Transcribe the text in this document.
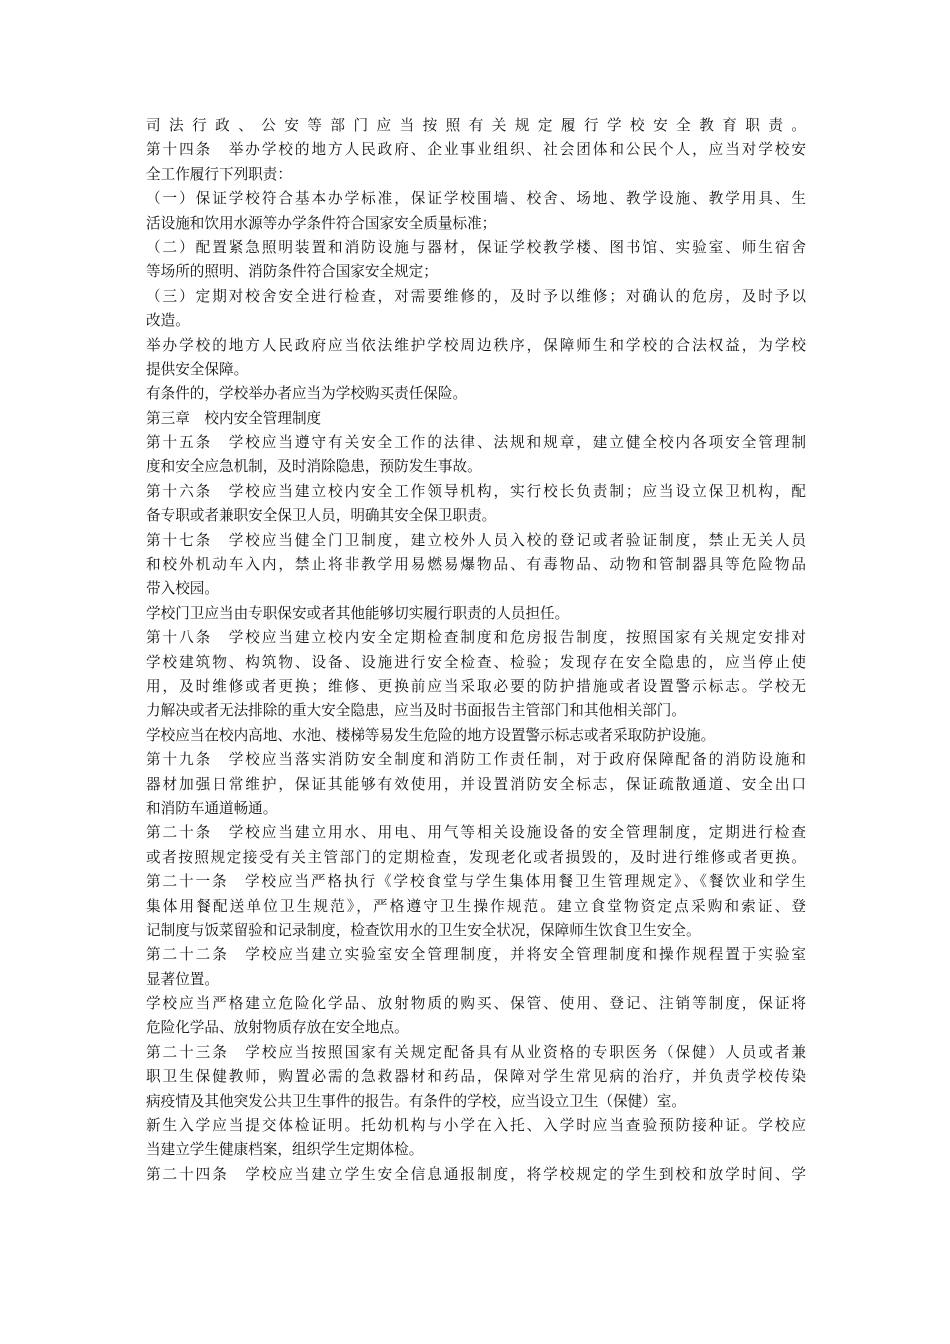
司法行政、公安等部门应当按照有关规定履行学校安全教育职责。
第十四条　举办学校的地方人民政府、企业事业组织、社会团体和公民个人，应当对学校安
全工作履行下列职责：
（一）保证学校符合基本办学标准，保证学校围墙、校舍、场地、教学设施、教学用具、生
活设施和饮用水源等办学条件符合国家安全质量标准；
（二）配置紧急照明装置和消防设施与器材，保证学校教学楼、图书馆、实验室、师生宿舍
等场所的照明、消防条件符合国家安全规定；
（三）定期对校舍安全进行检查，对需要维修的，及时予以维修；对确认的危房，及时予以
改造。
举办学校的地方人民政府应当依法维护学校周边秩序，保障师生和学校的合法权益，为学校
提供安全保障。
有条件的，学校举办者应当为学校购买责任保险。
第三章　校内安全管理制度
第十五条　学校应当遵守有关安全工作的法律、法规和规章，建立健全校内各项安全管理制
度和安全应急机制，及时消除隐患，预防发生事故。
第十六条　学校应当建立校内安全工作领导机构，实行校长负责制；应当设立保卫机构，配
备专职或者兼职安全保卫人员，明确其安全保卫职责。
第十七条　学校应当健全门卫制度，建立校外人员入校的登记或者验证制度，禁止无关人员
和校外机动车入内，禁止将非教学用易燃易爆物品、有毒物品、动物和管制器具等危险物品
带入校园。
学校门卫应当由专职保安或者其他能够切实履行职责的人员担任。
第十八条　学校应当建立校内安全定期检查制度和危房报告制度，按照国家有关规定安排对
学校建筑物、构筑物、设备、设施进行安全检查、检验；发现存在安全隐患的，应当停止使
用，及时维修或者更换；维修、更换前应当采取必要的防护措施或者设置警示标志。学校无
力解决或者无法排除的重大安全隐患，应当及时书面报告主管部门和其他相关部门。
学校应当在校内高地、水池、楼梯等易发生危险的地方设置警示标志或者采取防护设施。
第十九条　学校应当落实消防安全制度和消防工作责任制，对于政府保障配备的消防设施和
器材加强日常维护，保证其能够有效使用，并设置消防安全标志，保证疏散通道、安全出口
和消防车通道畅通。
第二十条　学校应当建立用水、用电、用气等相关设施设备的安全管理制度，定期进行检查
或者按照规定接受有关主管部门的定期检查，发现老化或者损毁的，及时进行维修或者更换。
第二十一条　学校应当严格执行《学校食堂与学生集体用餐卫生管理规定》、《餐饮业和学生
集体用餐配送单位卫生规范》，严格遵守卫生操作规范。建立食堂物资定点采购和索证、登
记制度与饭菜留验和记录制度，检查饮用水的卫生安全状况，保障师生饮食卫生安全。
第二十二条　学校应当建立实验室安全管理制度，并将安全管理制度和操作规程置于实验室
显著位置。
学校应当严格建立危险化学品、放射物质的购买、保管、使用、登记、注销等制度，保证将
危险化学品、放射物质存放在安全地点。
第二十三条　学校应当按照国家有关规定配备具有从业资格的专职医务（保健）人员或者兼
职卫生保健教师，购置必需的急救器材和药品，保障对学生常见病的治疗，并负责学校传染
病疫情及其他突发公共卫生事件的报告。有条件的学校，应当设立卫生（保健）室。
新生入学应当提交体检证明。托幼机构与小学在入托、入学时应当查验预防接种证。学校应
当建立学生健康档案，组织学生定期体检。
第二十四条　学校应当建立学生安全信息通报制度，将学校规定的学生到校和放学时间、学
